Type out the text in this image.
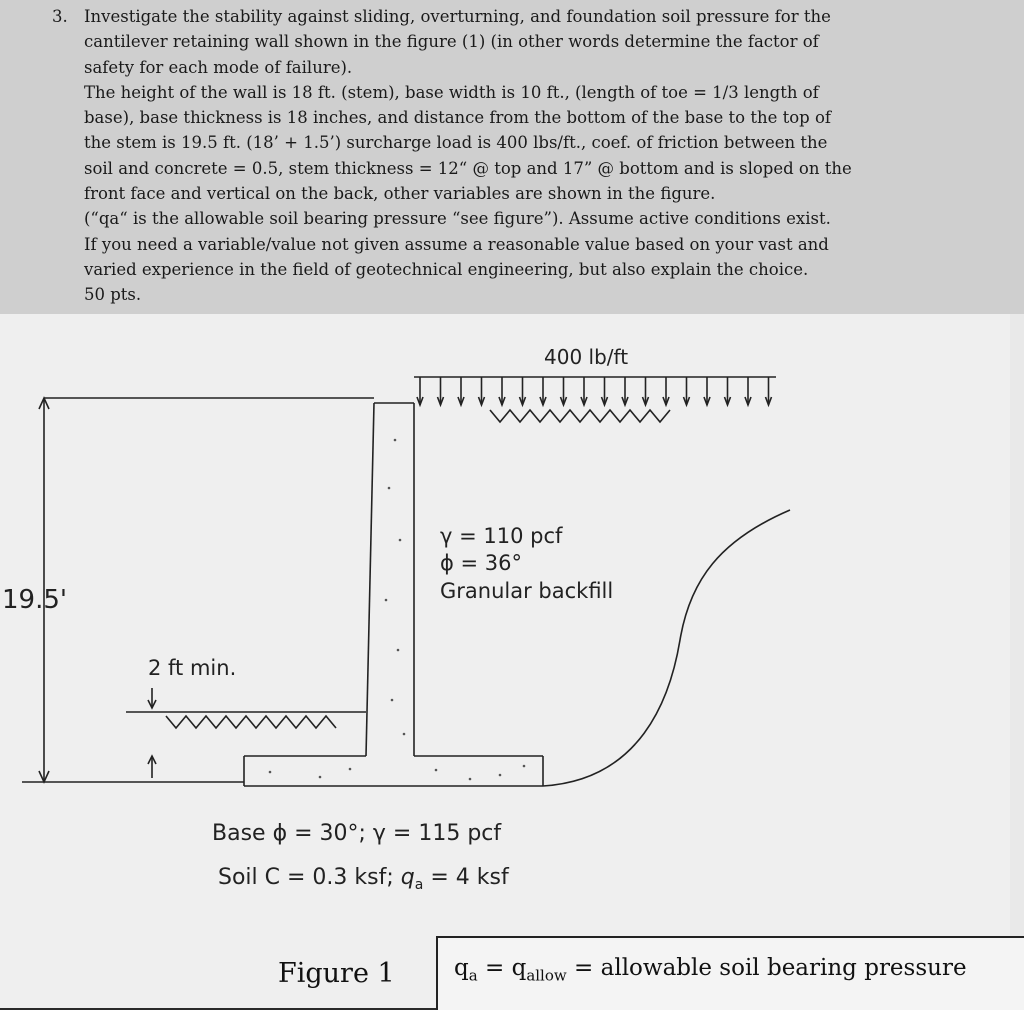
3. Investigate the stability against sliding, overturning, and foundation soil pressure for the
cantilever retaining wall shown in the figure (1) (in other words determine the factor of
safety for each mode of failure).
The height of the wall is 18 ft. (stem), base width is 10 ft., (length of toe = 1/3 length of
base), base thickness is 18 inches, and distance from the bottom of the base to the top of
the stem is 19.5 ft. (18’ + 1.5’) surcharge load is 400 lbs/ft., coef. of friction between the
soil and concrete = 0.5, stem thickness = 12“ @ top and 17” @ bottom and is sloped on the
front face and vertical on the back, other variables are shown in the figure.
(“qa“ is the allowable soil bearing pressure “see figure”). Assume active conditions exist.
If you need a variable/value not given assume a reasonable value based on your vast and
varied experience in the field of geotechnical engineering, but also explain the choice.
50 pts.
400 lb/ft
19.5'
γ = 110 pcf
ϕ = 36°
Granular backfill
2 ft min.
Base ϕ = 30°; γ = 115 pcf
Soil C = 0.3 ksf; $q_a = 4$ ksf
Figure 1	$q_a = q_{allow}$ = allowable soil bearing pressure
